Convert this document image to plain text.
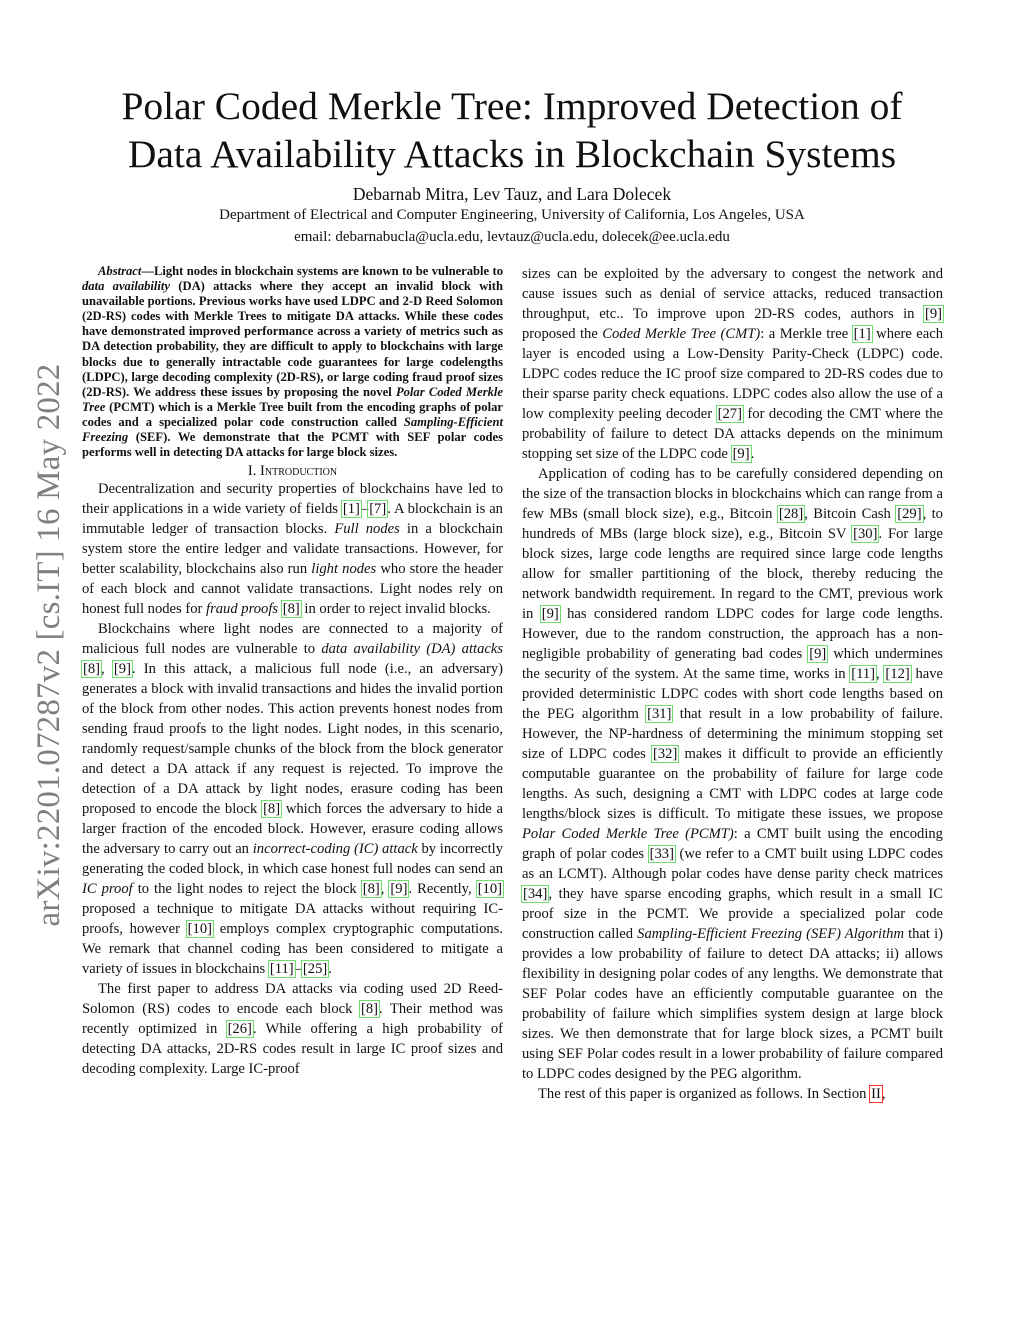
arXiv:2201.07287v2 [cs.IT] 16 May 2022
Polar Coded Merkle Tree: Improved Detection of
Data Availability Attacks in Blockchain Systems
Debarnab Mitra, Lev Tauz, and Lara Dolecek
Department of Electrical and Computer Engineering, University of California, Los Angeles, USA
email: debarnabucla@ucla.edu, levtauz@ucla.edu, dolecek@ee.ucla.edu

Abstract—Light nodes in blockchain systems are known to be vulnerable to data availability (DA) attacks where they accept an invalid block with unavailable portions. Previous works have used LDPC and 2-D Reed Solomon (2D-RS) codes with Merkle Trees to mitigate DA attacks. While these codes have demonstrated improved performance across a variety of metrics such as DA detection probability, they are difficult to apply to blockchains with large blocks due to generally intractable code guarantees for large codelengths (LDPC), large decoding complexity (2D-RS), or large coding fraud proof sizes (2D-RS). We address these issues by proposing the novel Polar Coded Merkle Tree (PCMT) which is a Merkle Tree built from the encoding graphs of polar codes and a specialized polar code construction called Sampling-Efficient Freezing (SEF). We demonstrate that the PCMT with SEF polar codes performs well in detecting DA attacks for large block sizes.

I. Introduction

Decentralization and security properties of blockchains have led to their applications in a wide variety of fields [1]–[7]. A blockchain is an immutable ledger of transaction blocks. Full nodes in a blockchain system store the entire ledger and validate transactions. However, for better scalability, blockchains also run light nodes who store the header of each block and cannot validate transactions. Light nodes rely on honest full nodes for fraud proofs [8] in order to reject invalid blocks.

Blockchains where light nodes are connected to a majority of malicious full nodes are vulnerable to data availability (DA) attacks [8], [9]. In this attack, a malicious full node (i.e., an adversary) generates a block with invalid transactions and hides the invalid portion of the block from other nodes. This action prevents honest nodes from sending fraud proofs to the light nodes. Light nodes, in this scenario, randomly request/sample chunks of the block from the block generator and detect a DA attack if any request is rejected. To improve the detection of a DA attack by light nodes, erasure coding has been proposed to encode the block [8] which forces the adversary to hide a larger fraction of the encoded block. However, erasure coding allows the adversary to carry out an incorrect-coding (IC) attack by incorrectly generating the coded block, in which case honest full nodes can send an IC proof to the light nodes to reject the block [8], [9]. Recently, [10] proposed a technique to mitigate DA attacks without requiring IC-proofs, however [10] employs complex cryptographic computations. We remark that channel coding has been considered to mitigate a variety of issues in blockchains [11]–[25].

The first paper to address DA attacks via coding used 2D Reed-Solomon (RS) codes to encode each block [8]. Their method was recently optimized in [26]. While offering a high probability of detecting DA attacks, 2D-RS codes result in large IC proof sizes and decoding complexity. Large IC-proof

sizes can be exploited by the adversary to congest the network and cause issues such as denial of service attacks, reduced transaction throughput, etc.. To improve upon 2D-RS codes, authors in [9] proposed the Coded Merkle Tree (CMT): a Merkle tree [1] where each layer is encoded using a Low-Density Parity-Check (LDPC) code. LDPC codes reduce the IC proof size compared to 2D-RS codes due to their sparse parity check equations. LDPC codes also allow the use of a low complexity peeling decoder [27] for decoding the CMT where the probability of failure to detect DA attacks depends on the minimum stopping set size of the LDPC code [9].

Application of coding has to be carefully considered depending on the size of the transaction blocks in blockchains which can range from a few MBs (small block size), e.g., Bitcoin [28], Bitcoin Cash [29], to hundreds of MBs (large block size), e.g., Bitcoin SV [30]. For large block sizes, large code lengths are required since large code lengths allow for smaller partitioning of the block, thereby reducing the network bandwidth requirement. In regard to the CMT, previous work in [9] has considered random LDPC codes for large code lengths. However, due to the random construction, the approach has a non-negligible probability of generating bad codes [9] which undermines the security of the system. At the same time, works in [11], [12] have provided deterministic LDPC codes with short code lengths based on the PEG algorithm [31] that result in a low probability of failure. However, the NP-hardness of determining the minimum stopping set size of LDPC codes [32] makes it difficult to provide an efficiently computable guarantee on the probability of failure for large code lengths. As such, designing a CMT with LDPC codes at large code lengths/block sizes is difficult. To mitigate these issues, we propose Polar Coded Merkle Tree (PCMT): a CMT built using the encoding graph of polar codes [33] (we refer to a CMT built using LDPC codes as an LCMT). Although polar codes have dense parity check matrices [34], they have sparse encoding graphs, which result in a small IC proof size in the PCMT. We provide a specialized polar code construction called Sampling-Efficient Freezing (SEF) Algorithm that i) provides a low probability of failure to detect DA attacks; ii) allows flexibility in designing polar codes of any lengths. We demonstrate that SEF Polar codes have an efficiently computable guarantee on the probability of failure which simplifies system design at large block sizes. We then demonstrate that for large block sizes, a PCMT built using SEF Polar codes result in a lower probability of failure compared to LDPC codes designed by the PEG algorithm.

The rest of this paper is organized as follows. In Section II,
